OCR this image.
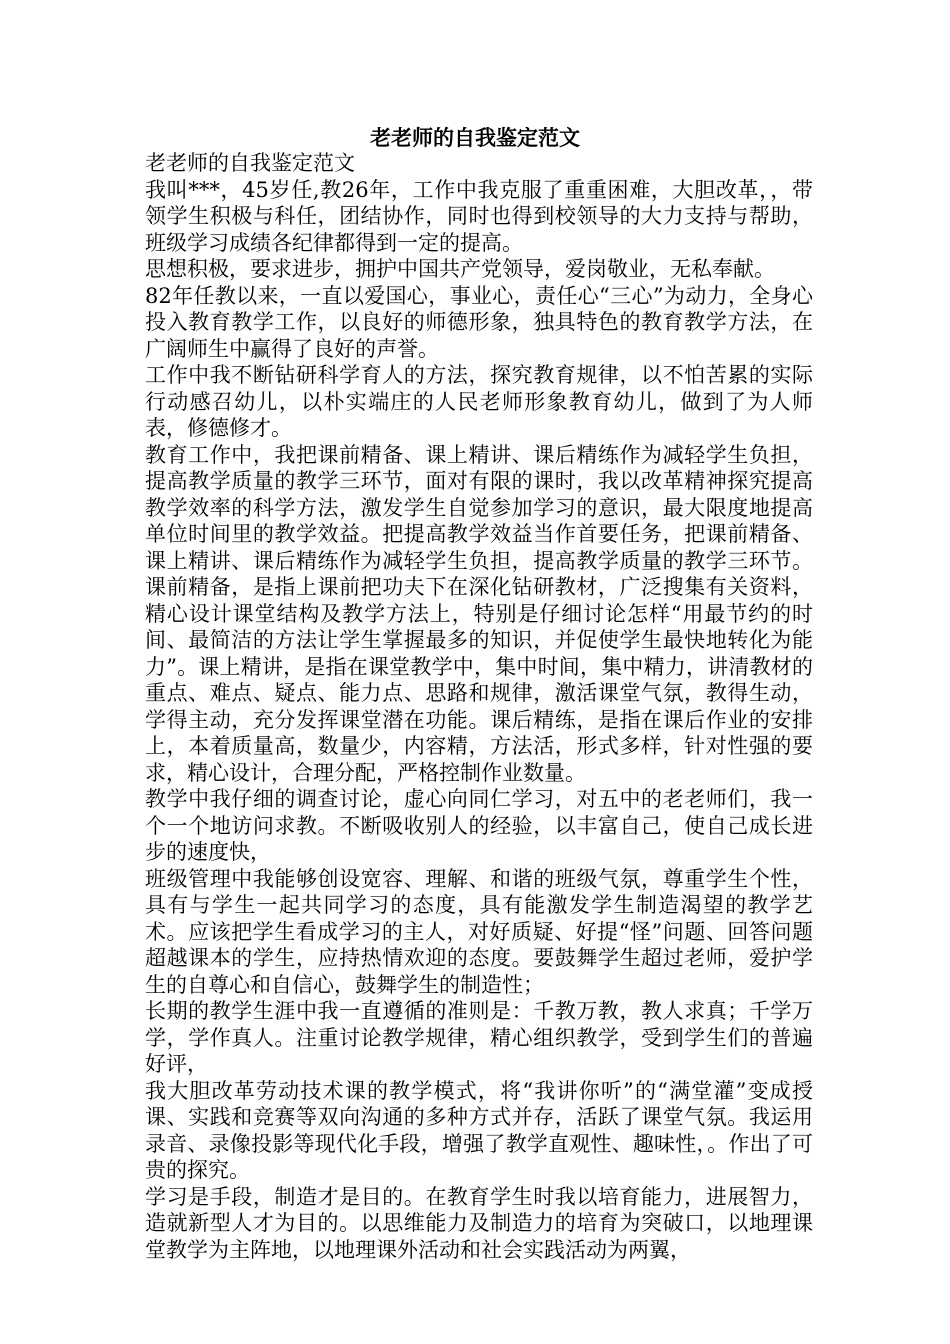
老老师的自我鉴定范文

老老师的自我鉴定范文

我叫***，45岁任,教26年，工作中我克服了重重困难，大胆改革，，带领学生积极与科任，团结协作，同时也得到校领导的大力支持与帮助，班级学习成绩各纪律都得到一定的提高。

思想积极，要求进步，拥护中国共产党领导，爱岗敬业，无私奉献。

82年任教以来，一直以爱国心，事业心，责任心“三心”为动力，全身心投入教育教学工作，以良好的师德形象，独具特色的教育教学方法，在广阔师生中赢得了良好的声誉。

工作中我不断钻研科学育人的方法，探究教育规律，以不怕苦累的实际行动感召幼儿，以朴实端庄的人民老师形象教育幼儿，做到了为人师表，修德修才。

教育工作中，我把课前精备、课上精讲、课后精练作为减轻学生负担，提高教学质量的教学三环节，面对有限的课时，我以改革精神探究提高教学效率的科学方法，激发学生自觉参加学习的意识，最大限度地提高单位时间里的教学效益。把提高教学效益当作首要任务，把课前精备、课上精讲、课后精练作为减轻学生负担，提高教学质量的教学三环节。课前精备，是指上课前把功夫下在深化钻研教材，广泛搜集有关资料，精心设计课堂结构及教学方法上，特别是仔细讨论怎样“用最节约的时间、最简洁的方法让学生掌握最多的知识，并促使学生最快地转化为能力”。课上精讲，是指在课堂教学中，集中时间，集中精力，讲清教材的重点、难点、疑点、能力点、思路和规律，激活课堂气氛，教得生动，学得主动，充分发挥课堂潜在功能。课后精练，是指在课后作业的安排上，本着质量高，数量少，内容精，方法活，形式多样，针对性强的要求，精心设计，合理分配，严格控制作业数量。

教学中我仔细的调查讨论，虚心向同仁学习，对五中的老老师们，我一个一个地访问求教。不断吸收别人的经验，以丰富自己，使自己成长进步的速度快，

班级管理中我能够创设宽容、理解、和谐的班级气氛，尊重学生个性，具有与学生一起共同学习的态度，具有能激发学生制造渴望的教学艺术。应该把学生看成学习的主人，对好质疑、好提“怪”问题、回答问题超越课本的学生，应持热情欢迎的态度。要鼓舞学生超过老师，爱护学生的自尊心和自信心，鼓舞学生的制造性；

长期的教学生涯中我一直遵循的准则是：千教万教，教人求真；千学万学，学作真人。注重讨论教学规律，精心组织教学，受到学生们的普遍好评，

我大胆改革劳动技术课的教学模式，将“我讲你听”的“满堂灌”变成授课、实践和竞赛等双向沟通的多种方式并存，活跃了课堂气氛。我运用录音、录像投影等现代化手段，增强了教学直观性、趣味性，。作出了可贵的探究。

学习是手段，制造才是目的。在教育学生时我以培育能力，进展智力，造就新型人才为目的。以思维能力及制造力的培育为突破口，以地理课堂教学为主阵地，以地理课外活动和社会实践活动为两翼，
